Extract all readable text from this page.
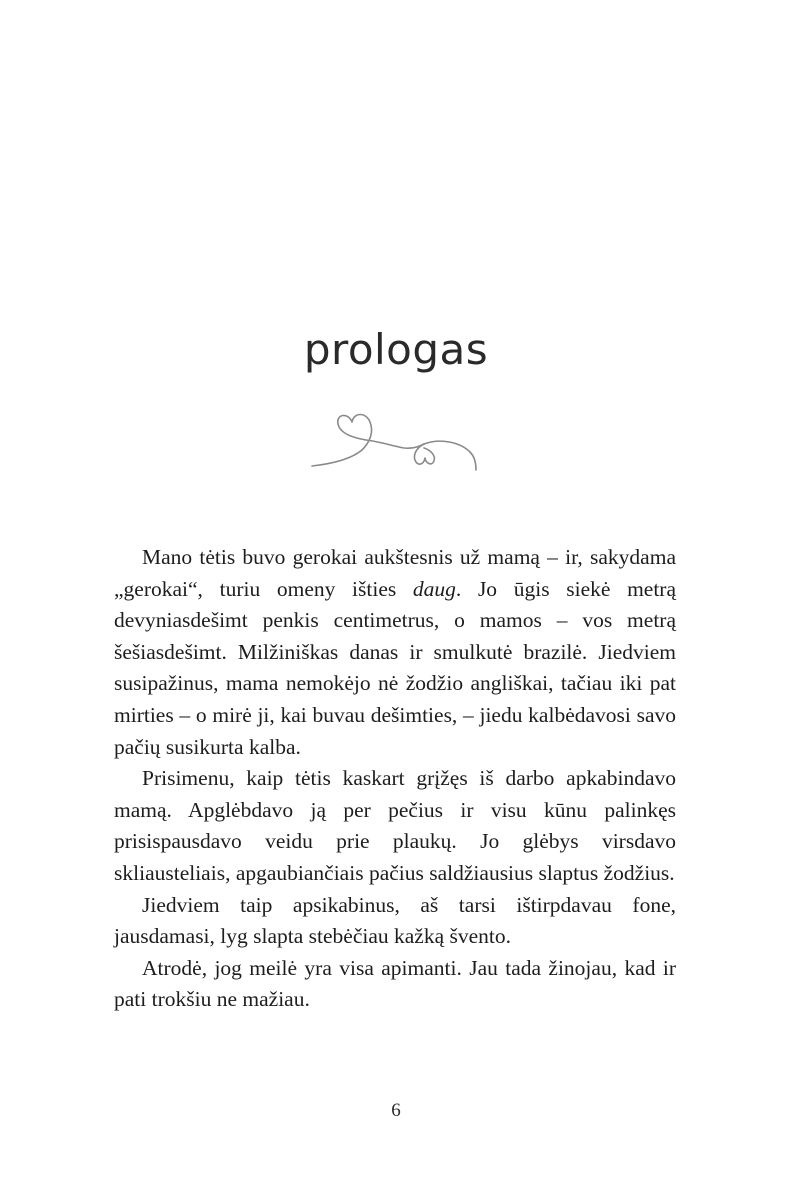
prologas

Mano tėtis buvo gerokai aukštesnis už mamą – ir, sakydama „gerokai“, turiu omeny išties daug. Jo ūgis siekė metrą devyniasdešimt penkis centimetrus, o mamos – vos metrą šešiasdešimt. Milžiniškas danas ir smulkutė brazilė. Jiedviem susipažinus, mama nemokėjo nė žodžio angliškai, tačiau iki pat mirties – o mirė ji, kai buvau dešimties, – jiedu kalbėdavosi savo pačių susikurta kalba.

Prisimenu, kaip tėtis kaskart grįžęs iš darbo apkabindavo mamą. Apglėbdavo ją per pečius ir visu kūnu palinkęs prisispausdavo veidu prie plaukų. Jo glėbys virsdavo skliausteliais, apgaubiančiais pačius saldžiausius slaptus žodžius.

Jiedviem taip apsikabinus, aš tarsi ištirpdavau fone, jausdamasi, lyg slapta stebėčiau kažką švento.

Atrodė, jog meilė yra visa apimanti. Jau tada žinojau, kad ir pati trokšiu ne mažiau.

6
